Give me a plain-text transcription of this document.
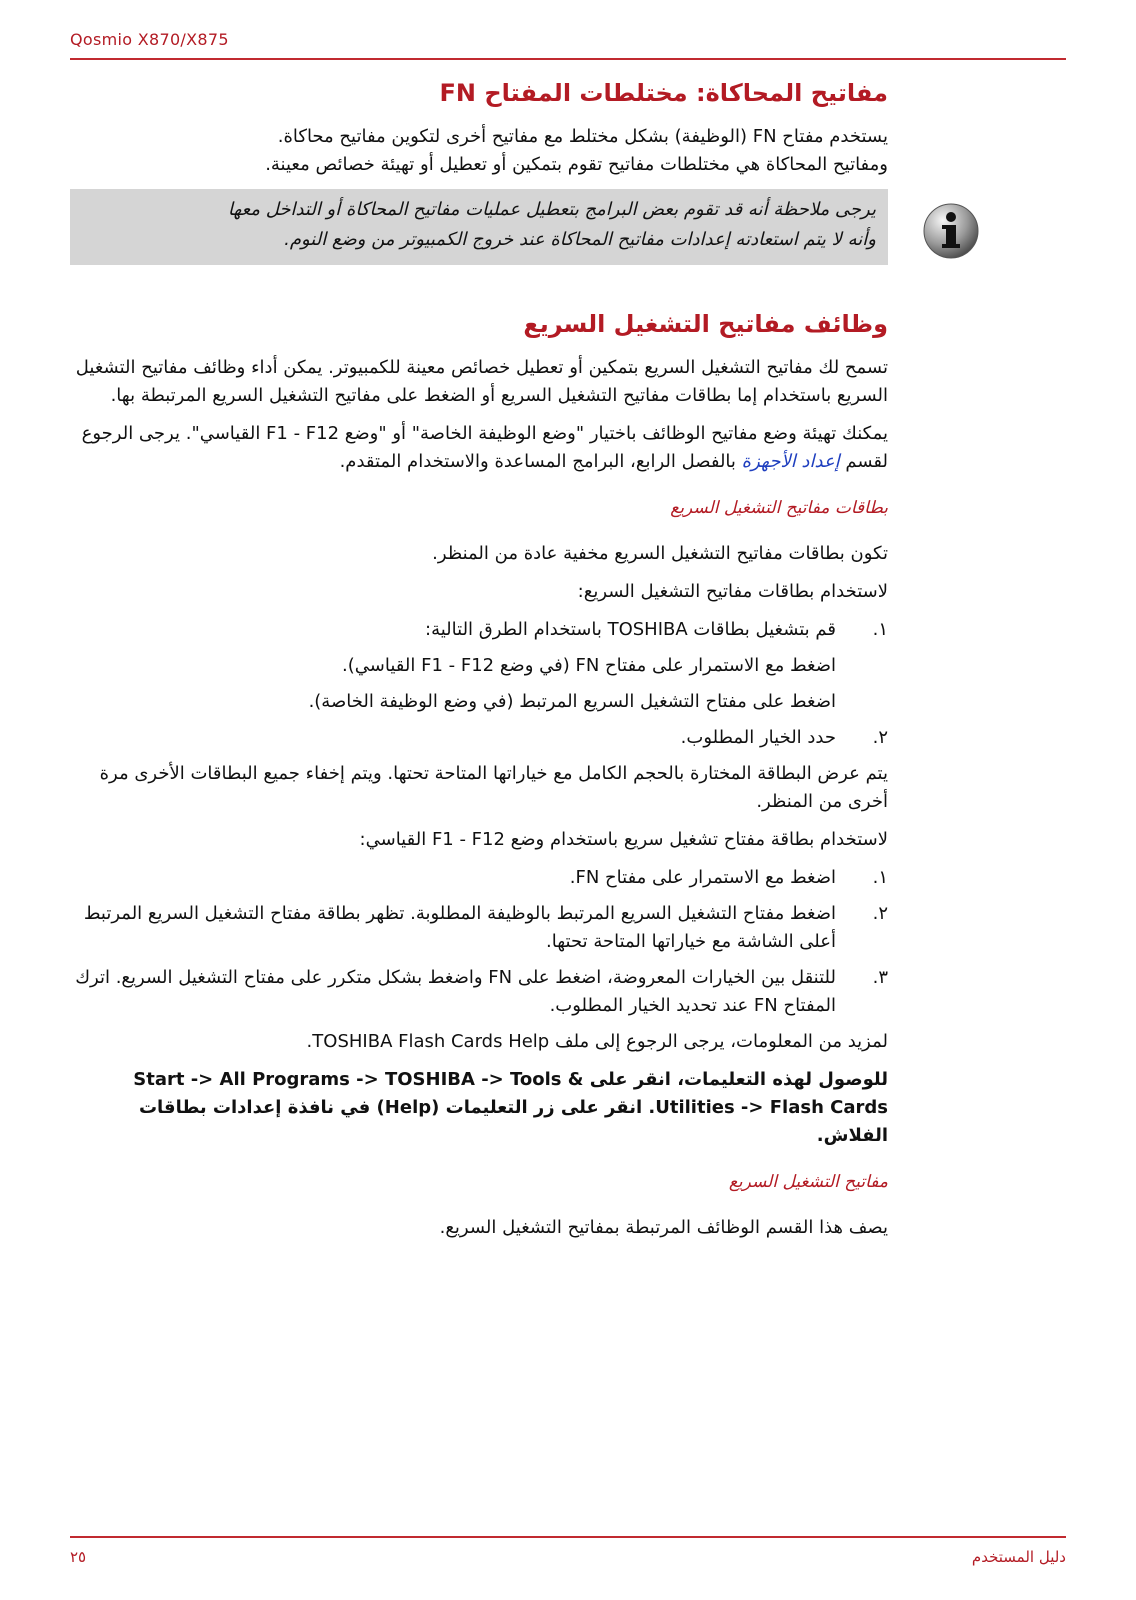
Qosmio X870/X875
مفاتيح المحاكاة: مختلطات المفتاح FN

يستخدم مفتاح FN (الوظيفة) بشكل مختلط مع مفاتيح أخرى لتكوين مفاتيح محاكاة.
ومفاتيح المحاكاة هي مختلطات مفاتيح تقوم بتمكين أو تعطيل أو تهيئة خصائص معينة.

يرجى ملاحظة أنه قد تقوم بعض البرامج بتعطيل عمليات مفاتيح المحاكاة أو التداخل معها
وأنه لا يتم استعادته إعدادات مفاتيح المحاكاة عند خروج الكمبيوتر من وضع النوم.
وظائف مفاتيح التشغيل السريع

تسمح لك مفاتيح التشغيل السريع بتمكين أو تعطيل خصائص معينة للكمبيوتر. يمكن أداء وظائف مفاتيح التشغيل السريع باستخدام إما بطاقات مفاتيح التشغيل السريع أو الضغط على مفاتيح التشغيل السريع المرتبطة بها.

يمكنك تهيئة وضع مفاتيح الوظائف باختيار "وضع الوظيفة الخاصة" أو "وضع F1 - F12 القياسي". يرجى الرجوع لقسم إعداد الأجهزة بالفصل الرابع، البرامج المساعدة والاستخدام المتقدم.

بطاقات مفاتيح التشغيل السريع

تكون بطاقات مفاتيح التشغيل السريع مخفية عادة من المنظر.

لاستخدام بطاقات مفاتيح التشغيل السريع:

١.
قم بتشغيل بطاقات TOSHIBA باستخدام الطرق التالية:
اضغط مع الاستمرار على مفتاح FN (في وضع F1 - F12 القياسي).
اضغط على مفتاح التشغيل السريع المرتبط (في وضع الوظيفة الخاصة).
٢.
حدد الخيار المطلوب.

يتم عرض البطاقة المختارة بالحجم الكامل مع خياراتها المتاحة تحتها. ويتم إخفاء جميع البطاقات الأخرى مرة أخرى من المنظر.

لاستخدام بطاقة مفتاح تشغيل سريع باستخدام وضع F1 - F12 القياسي:

١.
اضغط مع الاستمرار على مفتاح FN.
٢.
اضغط مفتاح التشغيل السريع المرتبط بالوظيفة المطلوبة. تظهر بطاقة مفتاح التشغيل السريع المرتبط أعلى الشاشة مع خياراتها المتاحة تحتها.
٣.
للتنقل بين الخيارات المعروضة، اضغط على FN واضغط بشكل متكرر على مفتاح التشغيل السريع. اترك المفتاح FN عند تحديد الخيار المطلوب.

لمزيد من المعلومات، يرجى الرجوع إلى ملف TOSHIBA Flash Cards Help.

للوصول لهذه التعليمات، انقر على Start -> All Programs -> TOSHIBA -> Tools & Utilities -> Flash Cards. انقر على زر التعليمات (Help) في نافذة إعدادات بطاقات الفلاش.

مفاتيح التشغيل السريع

يصف هذا القسم الوظائف المرتبطة بمفاتيح التشغيل السريع.

٢٥	دليل المستخدم
